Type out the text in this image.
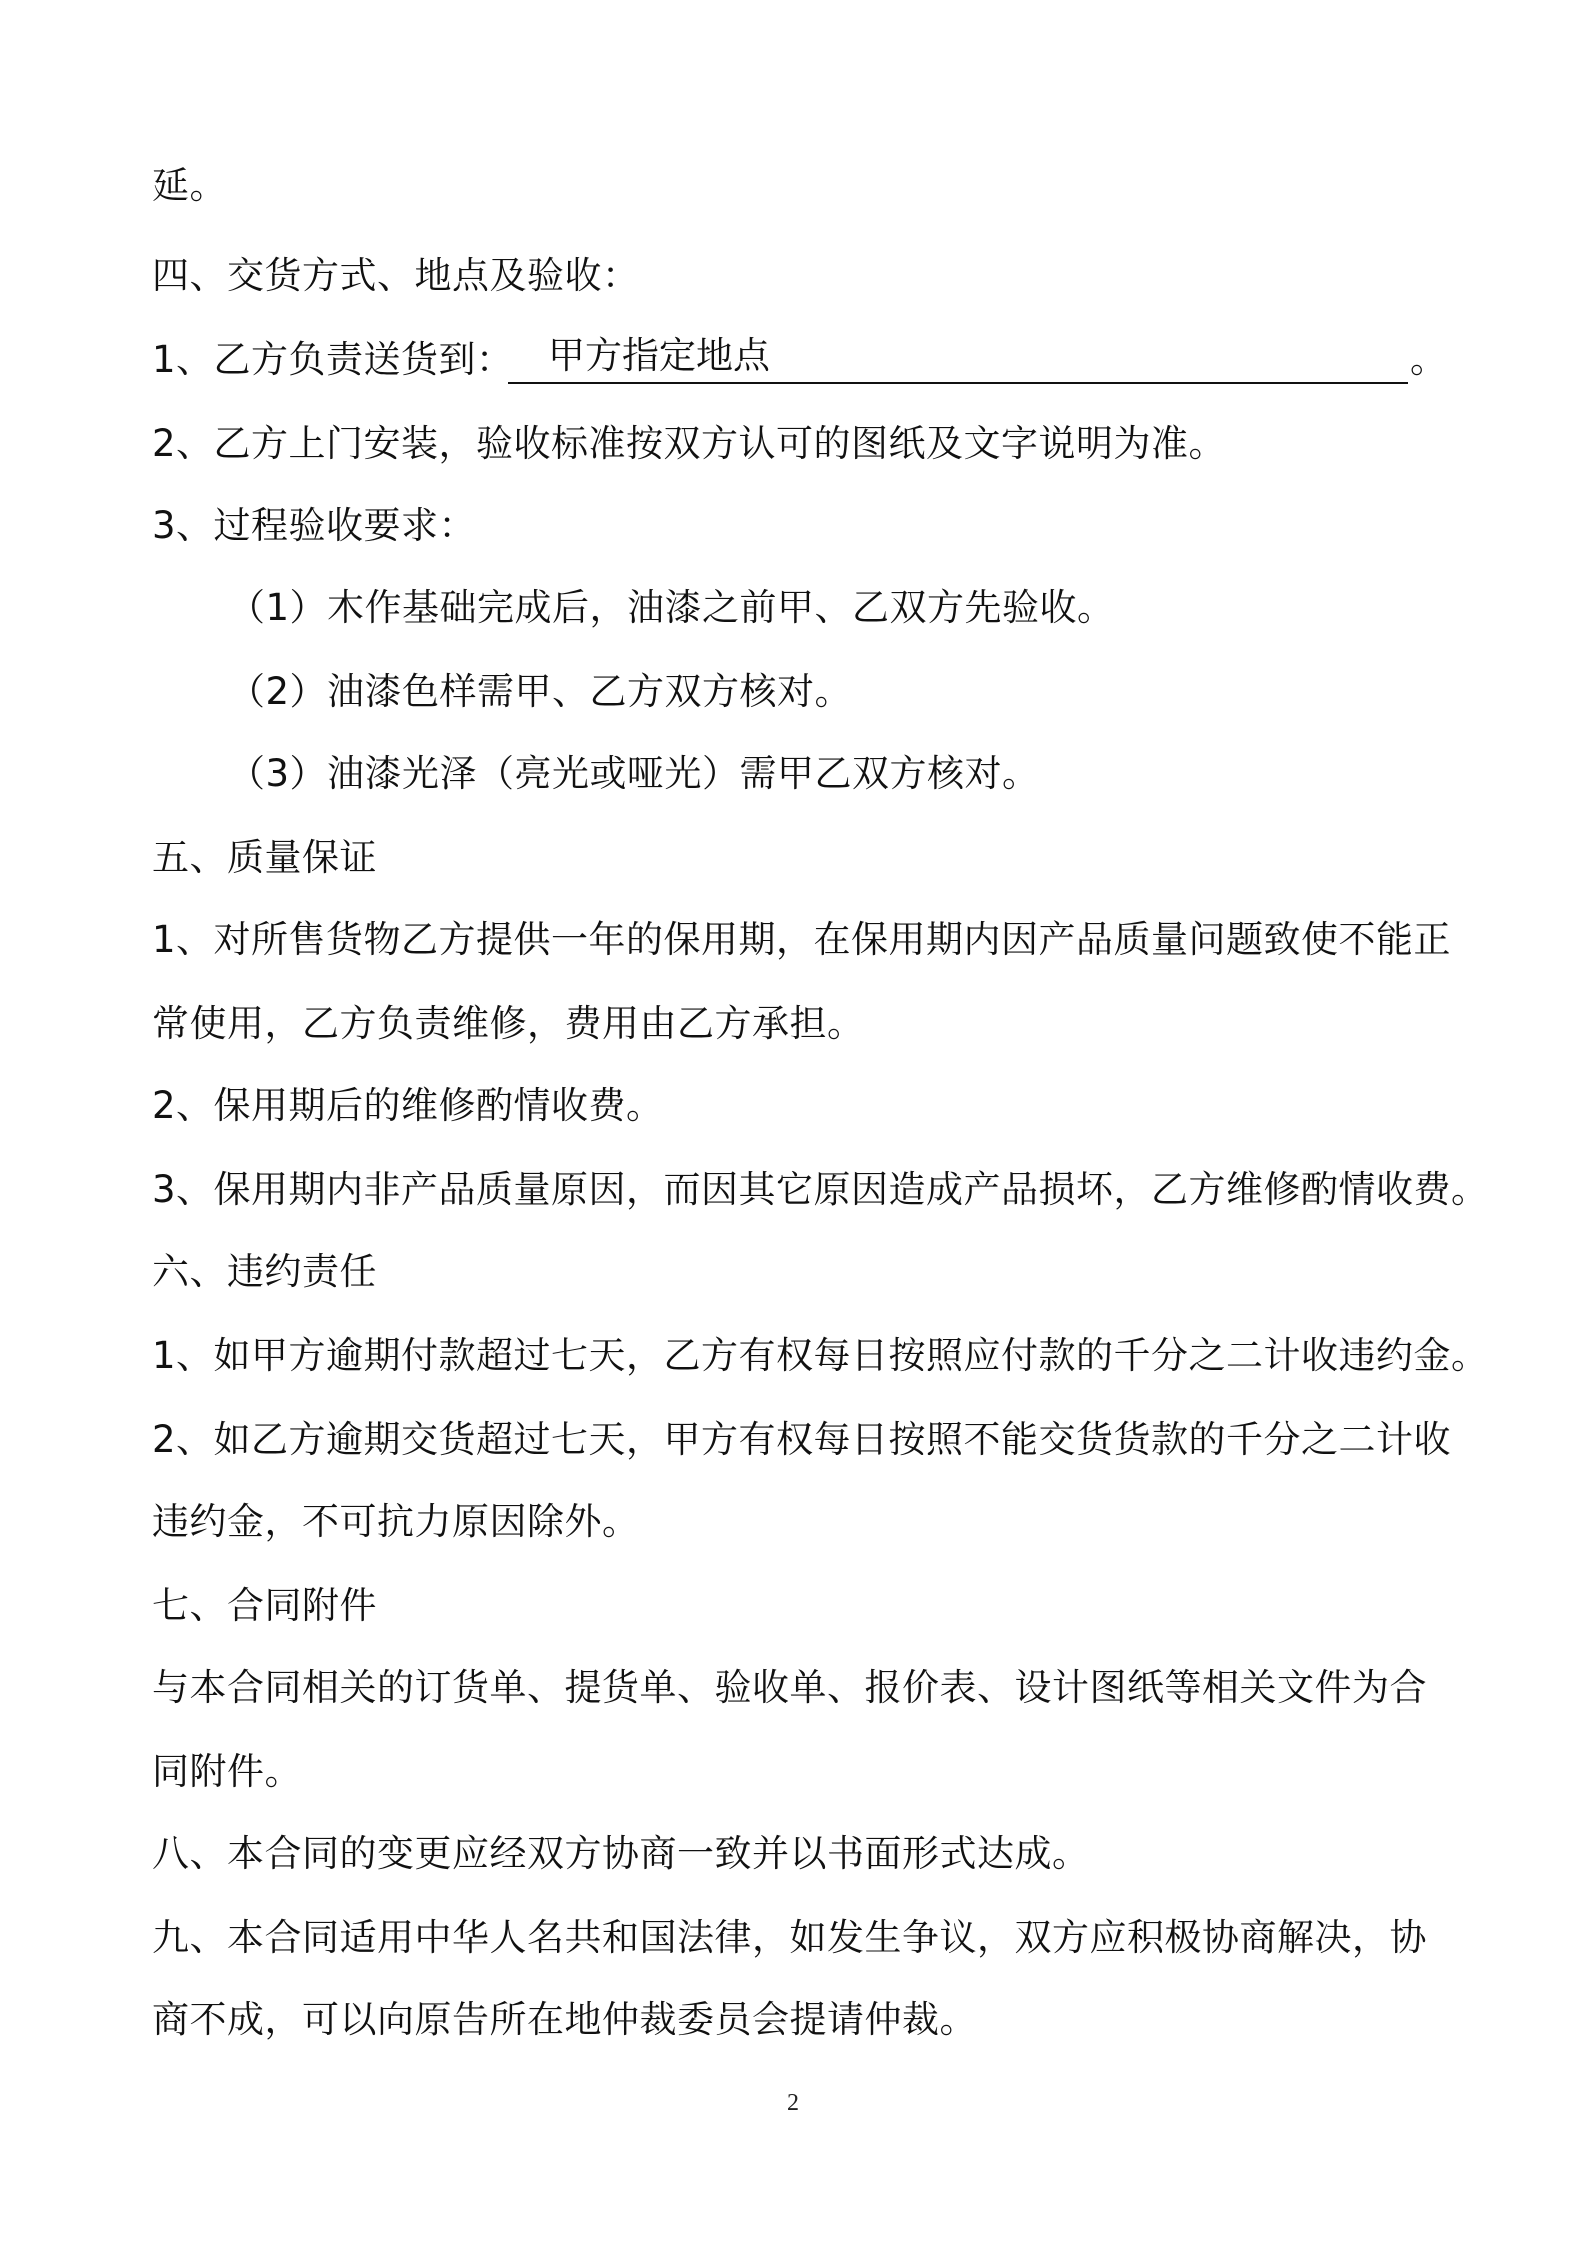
延。
四、交货方式、地点及验收：
1、乙方负责送货到： 甲方指定地点	。
2、乙方上门安装，验收标准按双方认可的图纸及文字说明为准。
3、过程验收要求：
（1）木作基础完成后，油漆之前甲、乙双方先验收。
（2）油漆色样需甲、乙方双方核对。
（3）油漆光泽（亮光或哑光）需甲乙双方核对。
五、质量保证
1、对所售货物乙方提供一年的保用期，在保用期内因产品质量问题致使不能正
常使用，乙方负责维修，费用由乙方承担。
2、保用期后的维修酌情收费。
3、保用期内非产品质量原因，而因其它原因造成产品损坏，乙方维修酌情收费。
六、违约责任
1、如甲方逾期付款超过七天，乙方有权每日按照应付款的千分之二计收违约金。
2、如乙方逾期交货超过七天，甲方有权每日按照不能交货货款的千分之二计收
违约金，不可抗力原因除外。
七、合同附件
与本合同相关的订货单、提货单、验收单、报价表、设计图纸等相关文件为合
同附件。
八、本合同的变更应经双方协商一致并以书面形式达成。
九、本合同适用中华人名共和国法律，如发生争议，双方应积极协商解决，协
商不成，可以向原告所在地仲裁委员会提请仲裁。
2
